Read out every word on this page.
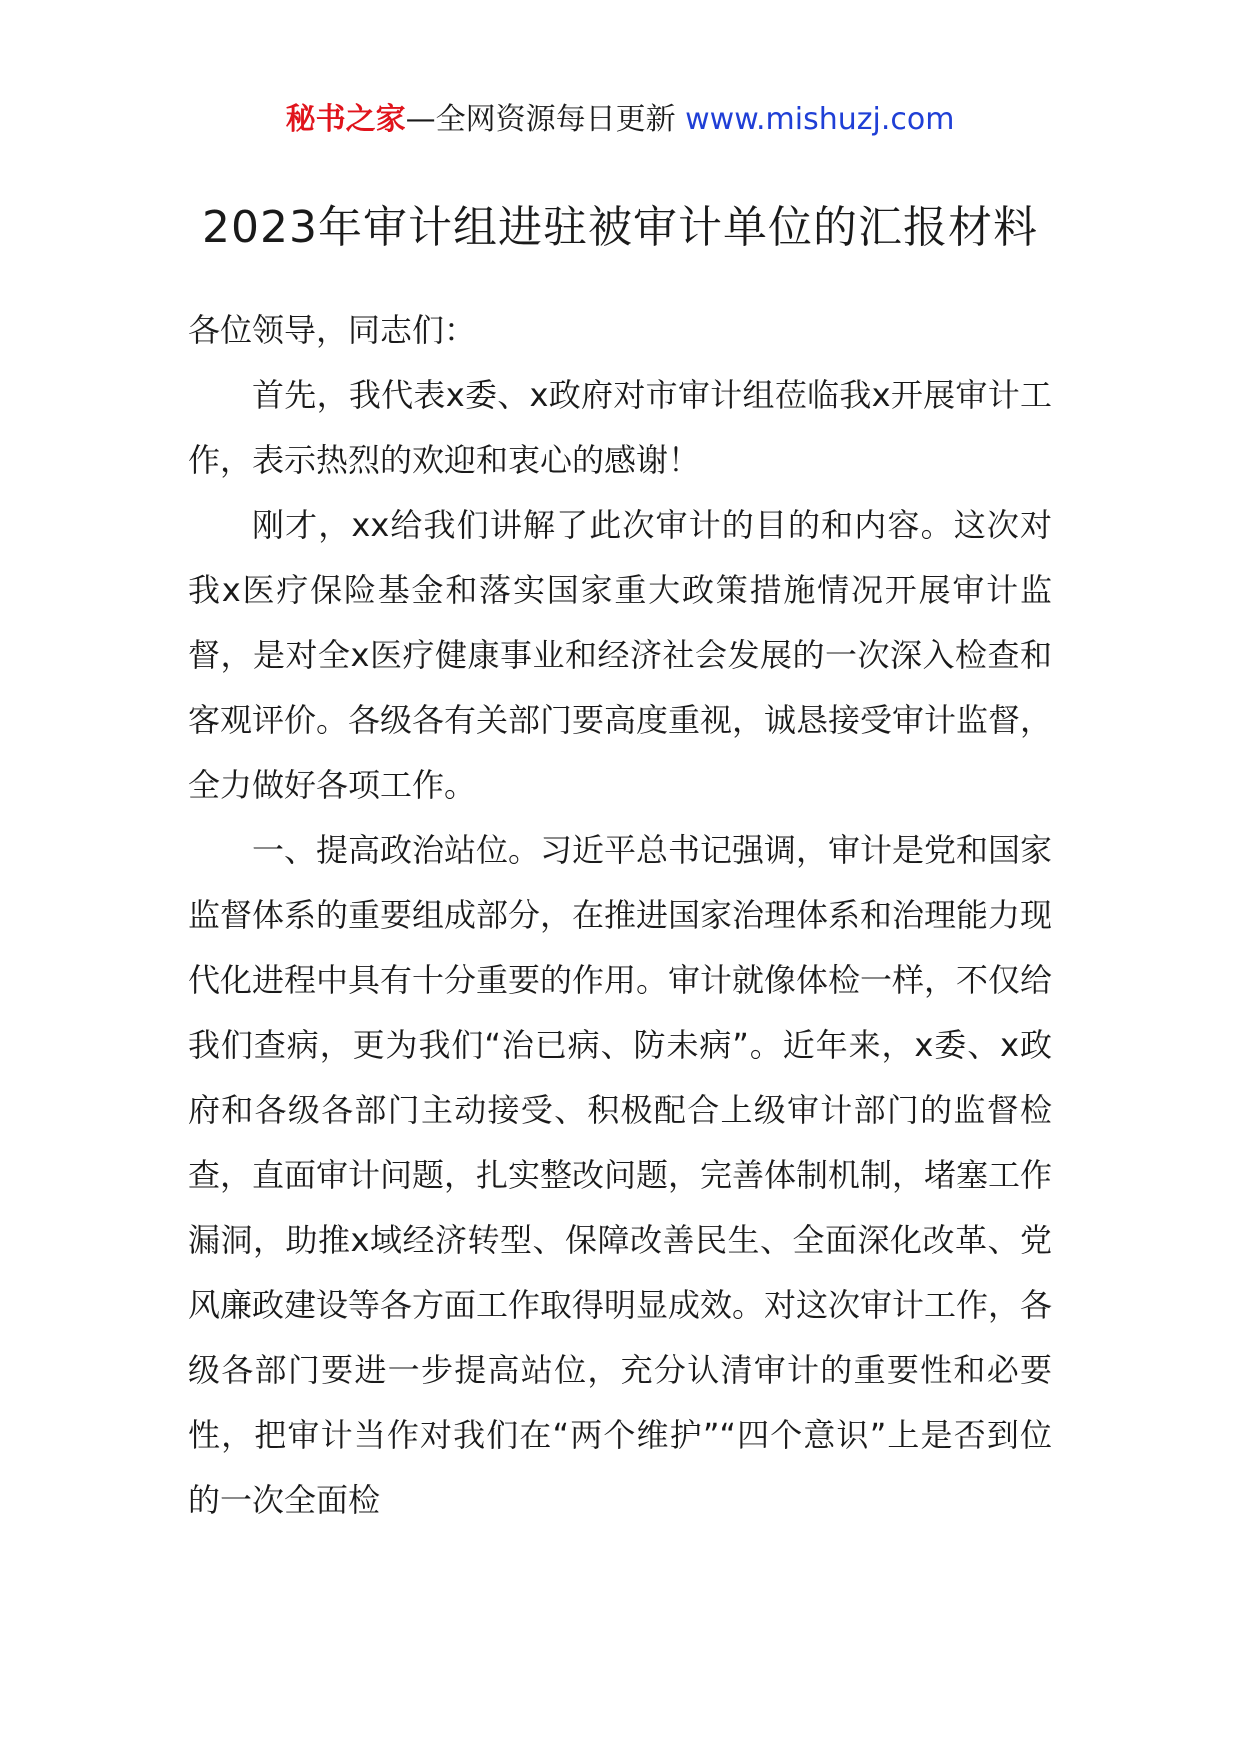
秘书之家—全网资源每日更新 www.mishuzj.com
2023年审计组进驻被审计单位的汇报材料

各位领导，同志们：

首先，我代表x委、x政府对市审计组莅临我x开展审计工作，表示热烈的欢迎和衷心的感谢！

刚才，xx给我们讲解了此次审计的目的和内容。这次对我x医疗保险基金和落实国家重大政策措施情况开展审计监督，是对全x医疗健康事业和经济社会发展的一次深入检查和客观评价。各级各有关部门要高度重视，诚恳接受审计监督，全力做好各项工作。

一、提高政治站位。习近平总书记强调，审计是党和国家监督体系的重要组成部分，在推进国家治理体系和治理能力现代化进程中具有十分重要的作用。审计就像体检一样，不仅给我们查病，更为我们“治已病、防未病”。近年来，x委、x政府和各级各部门主动接受、积极配合上级审计部门的监督检查，直面审计问题，扎实整改问题，完善体制机制，堵塞工作漏洞，助推x域经济转型、保障改善民生、全面深化改革、党风廉政建设等各方面工作取得明显成效。对这次审计工作，各级各部门要进一步提高站位，充分认清审计的重要性和必要性，把审计当作对我们在“两个维护”“四个意识”上是否到位的一次全面检
